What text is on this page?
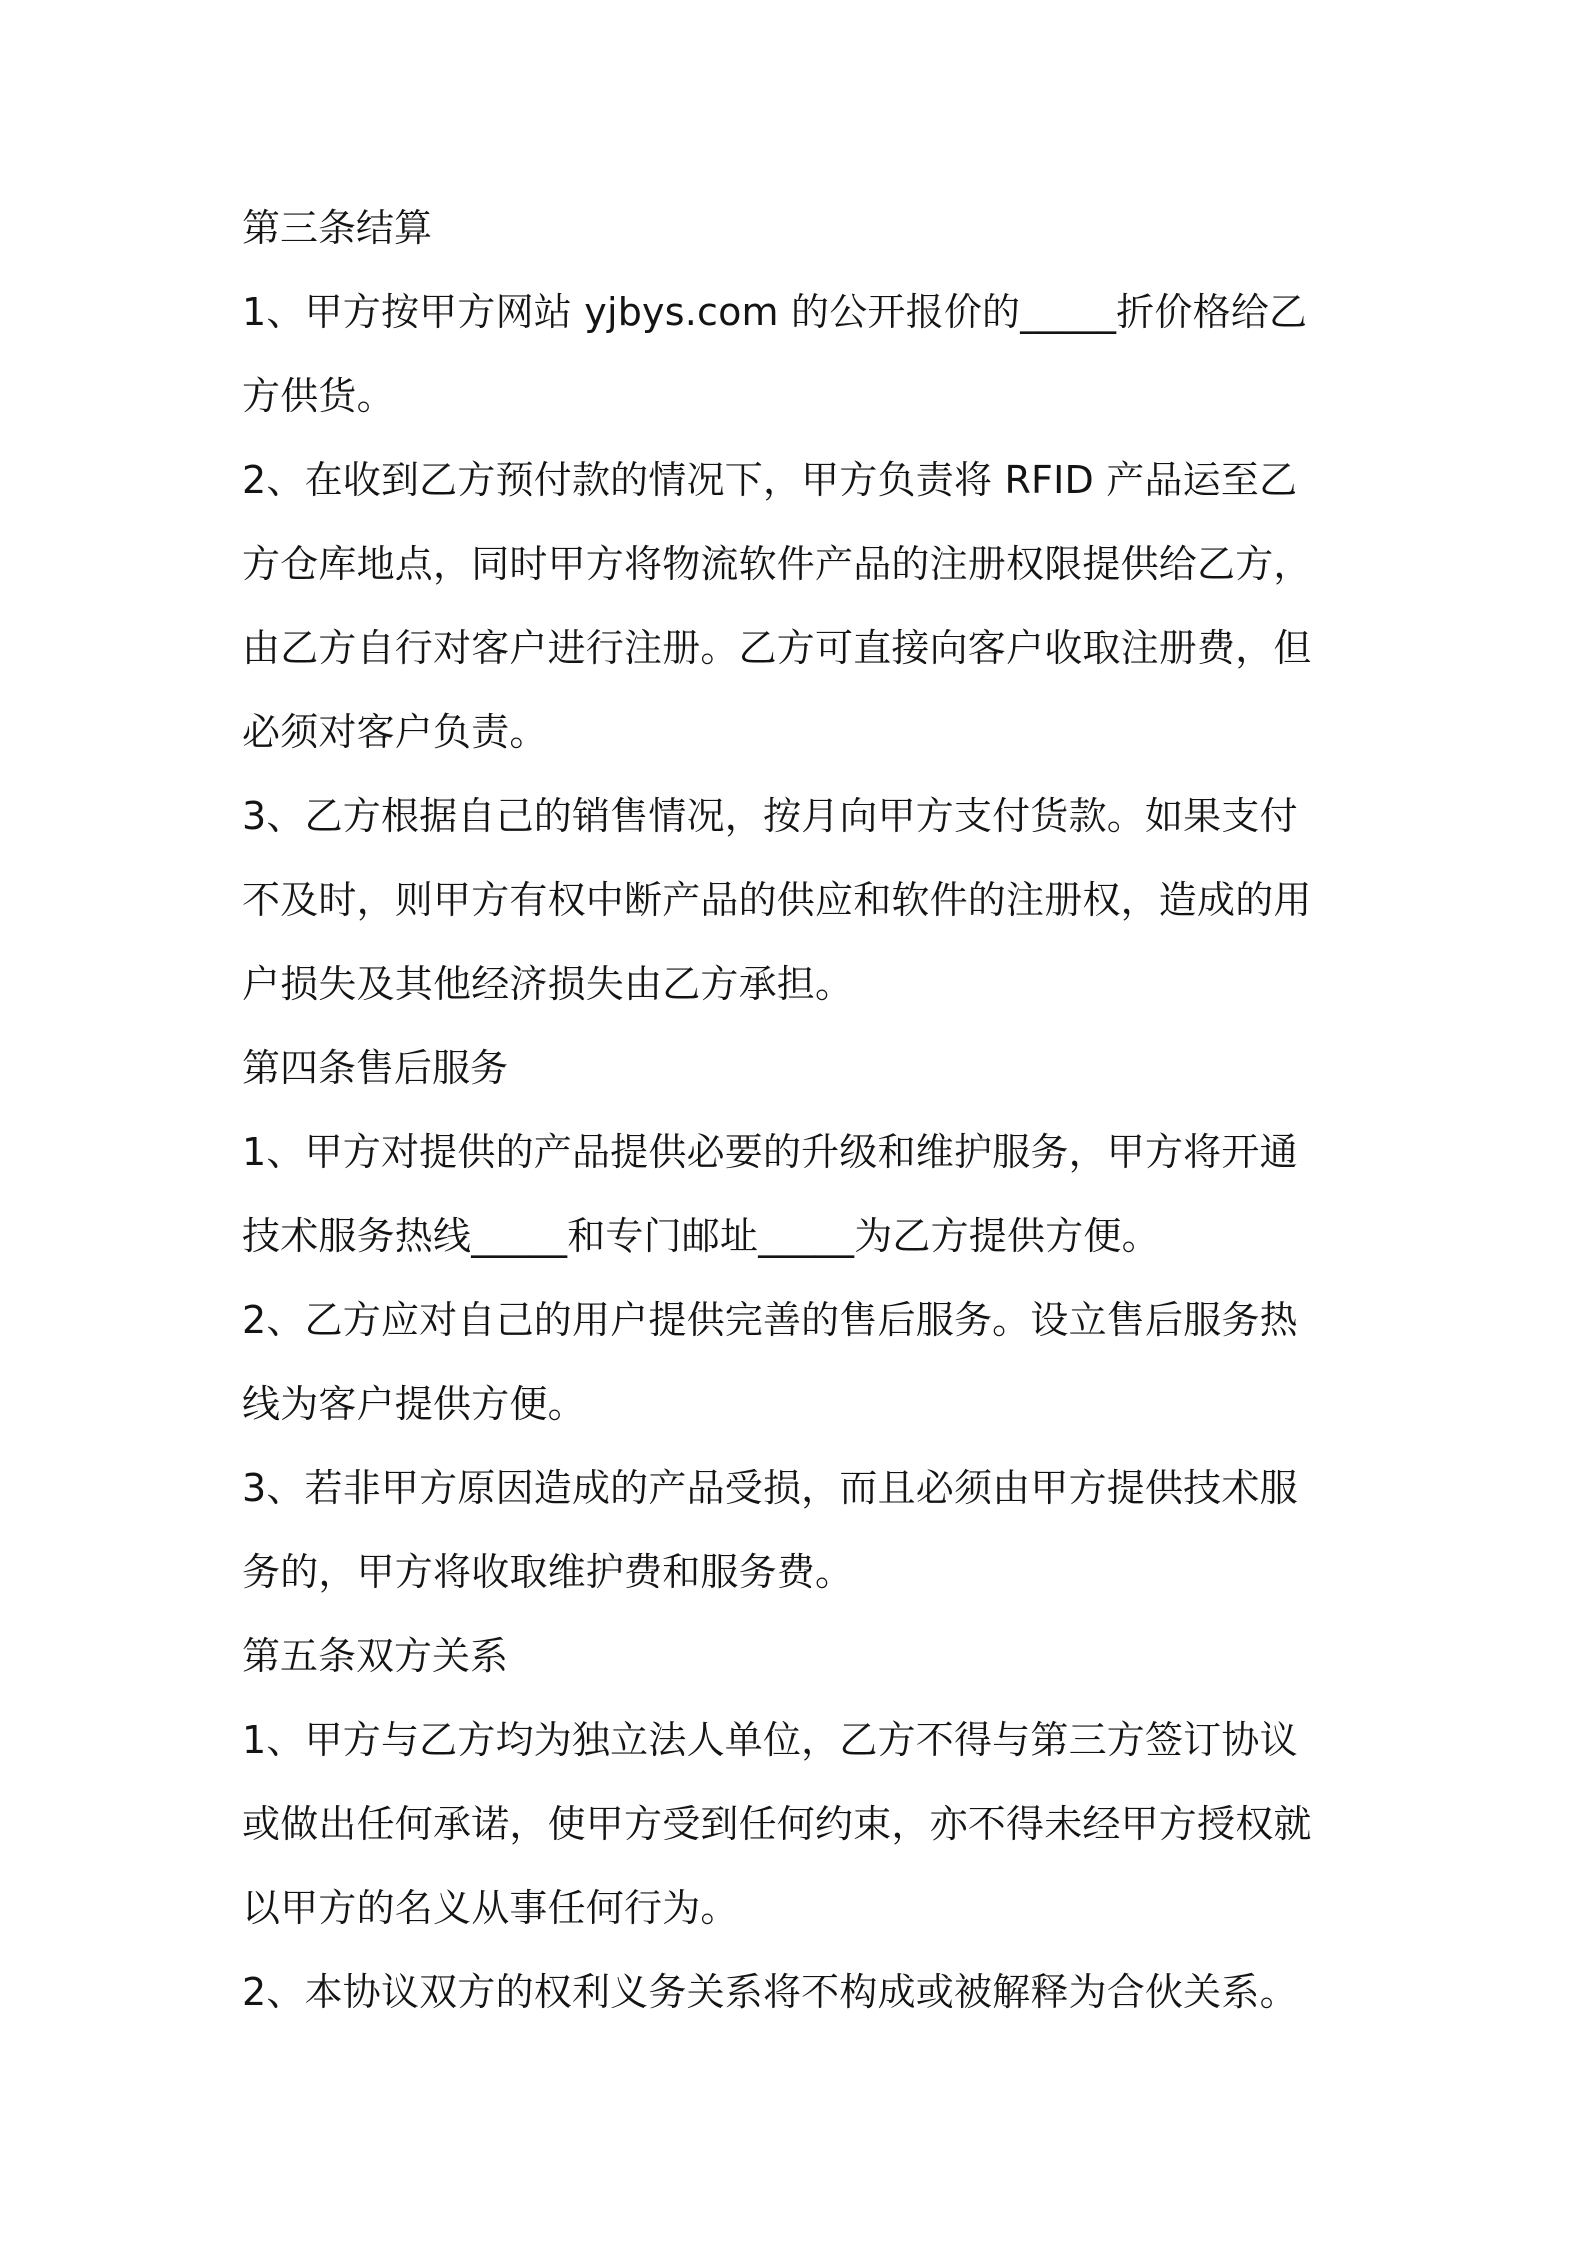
第三条结算
1、甲方按甲方网站 yjbys.com 的公开报价的_____折价格给乙
方供货。
2、在收到乙方预付款的情况下，甲方负责将 RFID 产品运至乙
方仓库地点，同时甲方将物流软件产品的注册权限提供给乙方，
由乙方自行对客户进行注册。乙方可直接向客户收取注册费，但
必须对客户负责。
3、乙方根据自己的销售情况，按月向甲方支付货款。如果支付
不及时，则甲方有权中断产品的供应和软件的注册权，造成的用
户损失及其他经济损失由乙方承担。
第四条售后服务
1、甲方对提供的产品提供必要的升级和维护服务，甲方将开通
技术服务热线_____和专门邮址_____为乙方提供方便。
2、乙方应对自己的用户提供完善的售后服务。设立售后服务热
线为客户提供方便。
3、若非甲方原因造成的产品受损，而且必须由甲方提供技术服
务的，甲方将收取维护费和服务费。
第五条双方关系
1、甲方与乙方均为独立法人单位，乙方不得与第三方签订协议
或做出任何承诺，使甲方受到任何约束，亦不得未经甲方授权就
以甲方的名义从事任何行为。
2、本协议双方的权利义务关系将不构成或被解释为合伙关系。
